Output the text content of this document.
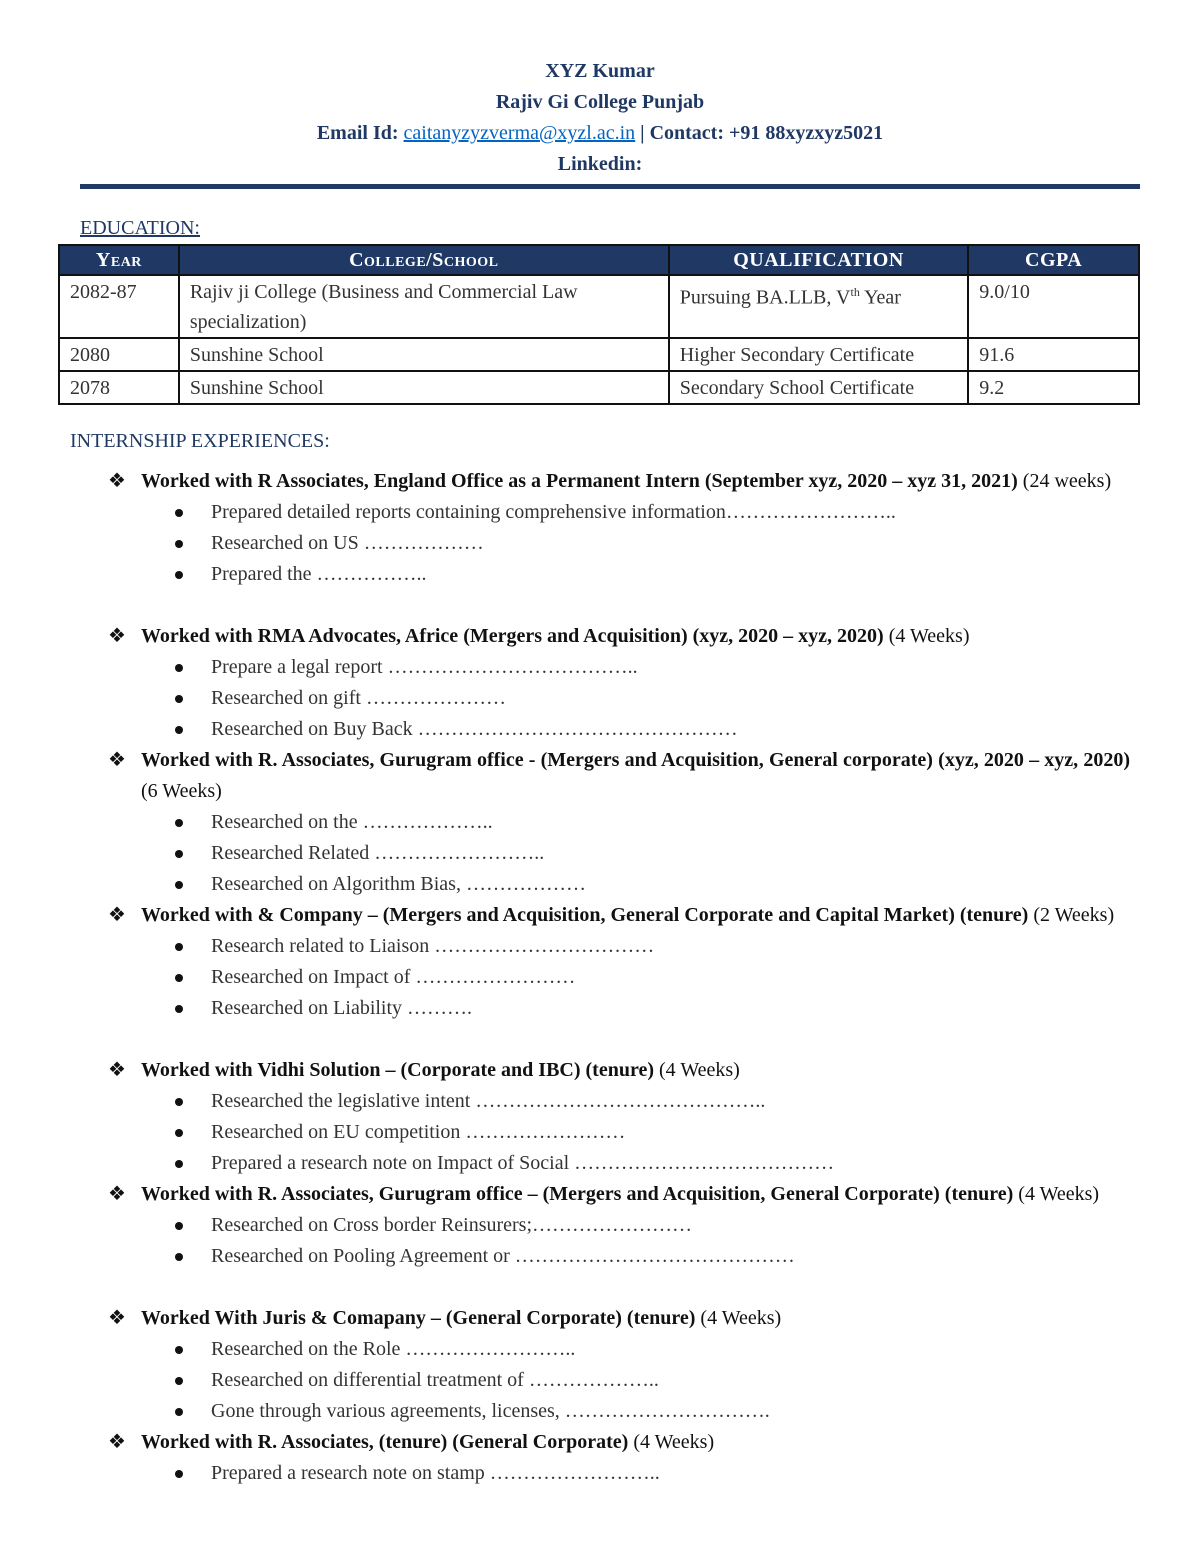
XYZ Kumar
Rajiv Gi College Punjab
Email Id: caitanyzyzverma@xyzl.ac.in | Contact: +91 88xyzxyz5021
Linkedin:
EDUCATION:
Year	College/School	QUALIFICATION	CGPA
2082-87	Rajiv ji College (Business and Commercial Law specialization)	Pursuing BA.LLB, Vth Year	9.0/10
2080	Sunshine School	Higher Secondary Certificate	91.6
2078	Sunshine School	Secondary School Certificate	9.2
INTERNSHIP EXPERIENCES:
❖ Worked with R Associates, England Office as a Permanent Intern (September xyz, 2020 – xyz 31, 2021) (24 weeks)
Prepared detailed reports containing comprehensive information……………………..
Researched on US ………………
Prepared the ……………..
❖ Worked with RMA Advocates, Africe (Mergers and Acquisition) (xyz, 2020 – xyz, 2020) (4 Weeks)
Prepare a legal report ………………………………..
Researched on gift …………………
Researched on Buy Back …………………………………………
❖ Worked with R. Associates, Gurugram office - (Mergers and Acquisition, General corporate) (xyz, 2020 – xyz, 2020) (6 Weeks)
Researched on the ………………..
Researched Related ……………………..
Researched on Algorithm Bias, ………………
❖ Worked with & Company – (Mergers and Acquisition, General Corporate and Capital Market) (tenure) (2 Weeks)
Research related to Liaison ……………………………
Researched on Impact of ……………………
Researched on Liability ……….
❖ Worked with Vidhi Solution – (Corporate and IBC) (tenure) (4 Weeks)
Researched the legislative intent ……………………………………..
Researched on EU competition ……………………
Prepared a research note on Impact of Social …………………………………
❖ Worked with R. Associates, Gurugram office – (Mergers and Acquisition, General Corporate) (tenure) (4 Weeks)
Researched on Cross border Reinsurers;……………………
Researched on Pooling Agreement or ……………………………………
❖ Worked With Juris & Comapany – (General Corporate) (tenure) (4 Weeks)
Researched on the Role ……………………..
Researched on differential treatment of ………………..
Gone through various agreements, licenses, ………………………….
❖ Worked with R. Associates, (tenure) (General Corporate) (4 Weeks)
Prepared a research note on stamp ……………………..
